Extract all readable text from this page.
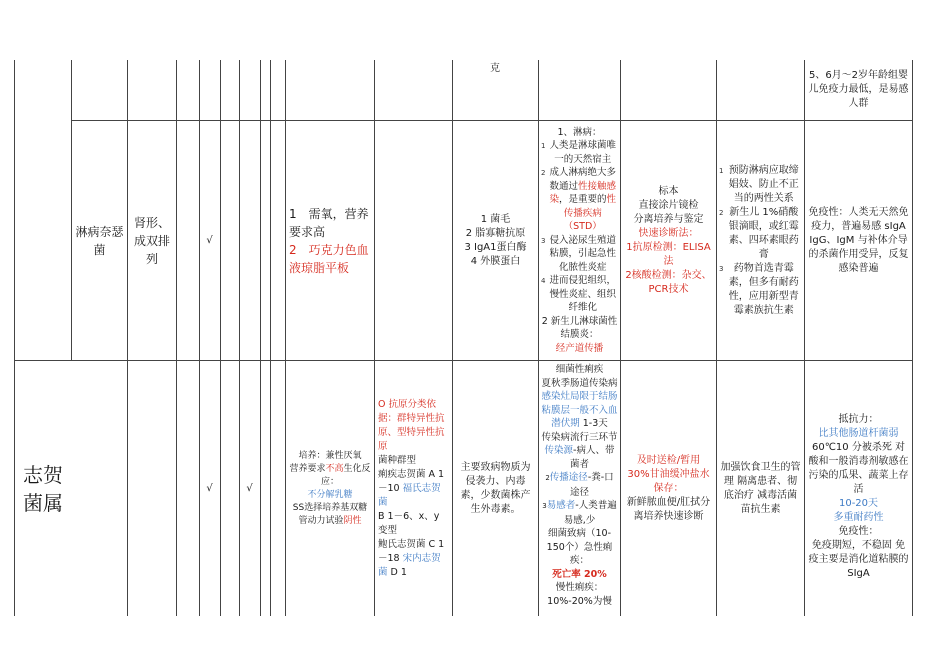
克
5、6月～2岁年龄组婴儿免疫力最低，是易感人群
淋病奈瑟菌
肾形、成双排列
√
1　需氧，营养要求高
2　巧克力色血液琼脂平板
1 菌毛
2 脂寡糖抗原
3 IgA1蛋白酶
4 外膜蛋白
1、淋病：
1 人类是淋球菌唯一的天然宿主
2 成人淋病绝大多数通过性接触感染，是重要的性传播疾病（STD）
3 侵入泌尿生殖道粘膜，引起急性化脓性炎症
4 进而侵犯组织，慢性炎症、组织纤维化
2 新生儿淋球菌性结膜炎：
经产道传播
标本
直接涂片镜检
分离培养与鉴定
快速诊断法：
1抗原检测：ELISA法
2核酸检测：杂交、PCR技术
1 预防淋病应取缔娼妓、防止不正当的两性关系
2 新生儿 1%硝酸银滴眼，或红霉素、四环素眼药膏
3	药物首选青霉素，但多有耐药性，应用新型青霉素族抗生素
免疫性：人类无天然免疫力，普遍易感 sIgA
IgG、IgM 与补体介导的杀菌作用受异，反复感染普遍
志贺菌属
√	√
培养：兼性厌氧
营养要求不高生化反应：
不分解乳糖
SS选择培养基双糖管动力试验阴性
O 抗原分类依据：群特异性抗原、型特异性抗原
菌种群型
痢疾志贺菌 A 1－10 福氏志贺菌
B 1－6、x、y 变型
鲍氏志贺菌 C 1－18 宋内志贺菌 D 1
主要致病物质为侵袭力、内毒素，少数菌株产生外毒素。
细菌性痢疾
夏秋季肠道传染病
感染灶局限于结肠粘膜层一般不入血
潜伏期 1-3天
传染病流行三环节传染源-病人、带菌者
2传播途径-粪-口途径
3易感者-人类普遍易感,少
细菌致病（10-150个）急性痢疾：
死亡率 20%
慢性痢疾：
10%-20%为慢
及时送检/暂用
30%甘油缓冲盐水保存：
新鲜脓血便/肛拭分离培养快速诊断
加强饮食卫生的管理 隔离患者、彻底治疗 减毒活菌苗抗生素
抵抗力：
比其他肠道杆菌弱
60℃10 分被杀死 对酸和一般消毒剂敏感在污染的瓜果、蔬菜上存活
10-20天
多重耐药性
免疫性：
免疫期短，不稳固 免疫主要是消化道粘膜的
SIgA
